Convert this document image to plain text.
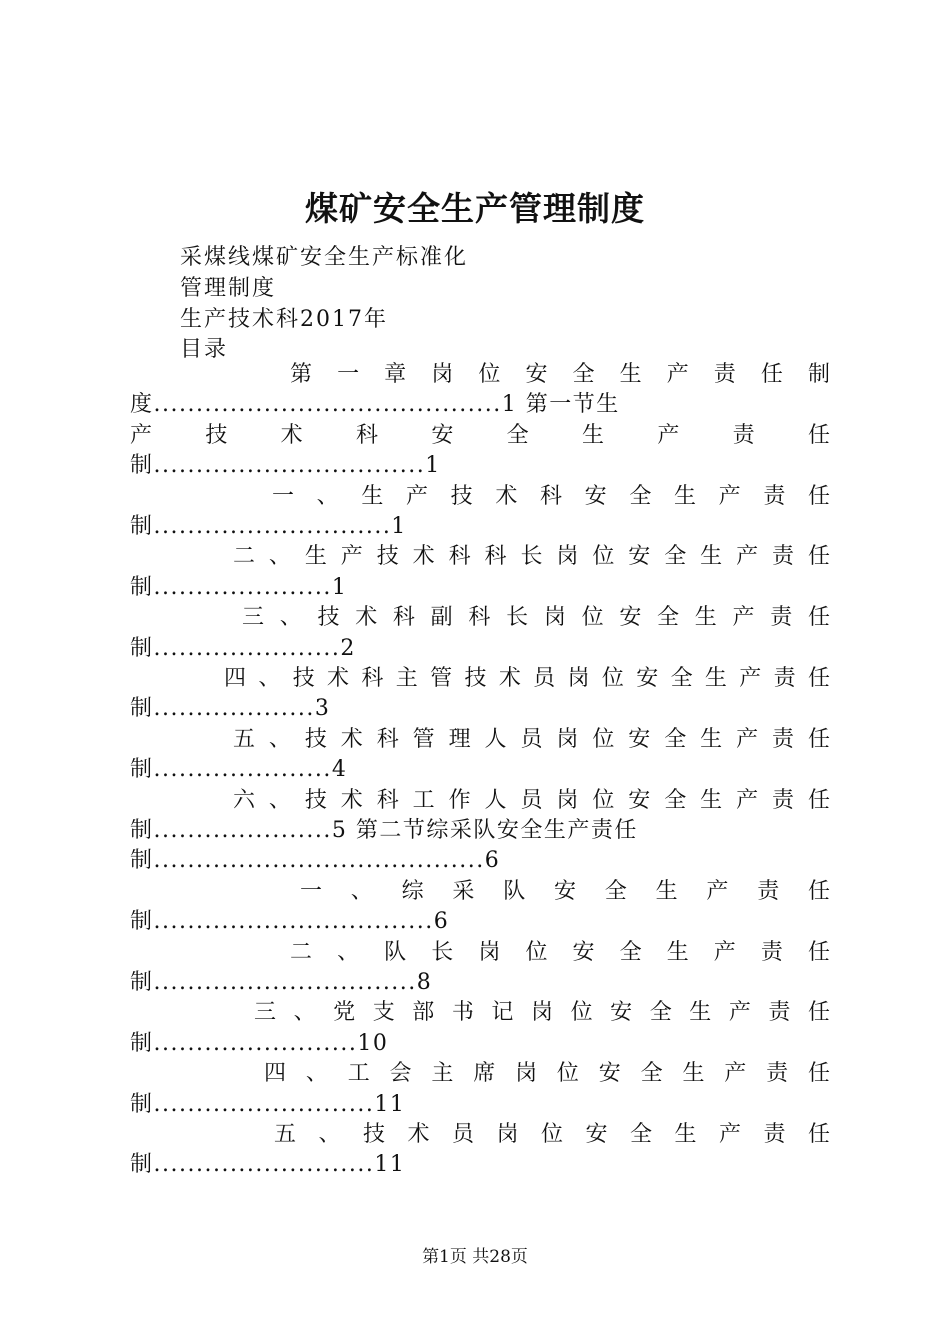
煤矿安全生产管理制度
采煤线煤矿安全生产标准化
管理制度
生产技术科2017年
目录
第 一 章 岗 位 安 全 生 产 责 任 制
度.........................................1 第一节生
产 技 术 科 安 全 生 产 责 任
制................................1
一 、 生 产 技 术 科 安 全 生 产 责 任
制............................1
二 、 生 产 技 术 科 科 长 岗 位 安 全 生 产 责 任
制.....................1
三 、 技 术 科 副 科 长 岗 位 安 全 生 产 责 任
制......................2
四 、 技 术 科 主 管 技 术 员 岗 位 安 全 生 产 责 任
制...................3
五 、 技 术 科 管 理 人 员 岗 位 安 全 生 产 责 任
制.....................4
六 、 技 术 科 工 作 人 员 岗 位 安 全 生 产 责 任
制.....................5 第二节综采队安全生产责任
制.......................................6
一 、 综 采 队 安 全 生 产 责 任
制.................................6
二 、 队 长 岗 位 安 全 生 产 责 任
制...............................8
三 、 党 支 部 书 记 岗 位 安 全 生 产 责 任
制........................10
四 、 工 会 主 席 岗 位 安 全 生 产 责 任
制..........................11
五 、 技 术 员 岗 位 安 全 生 产 责 任
制..........................11
第1页 共28页
